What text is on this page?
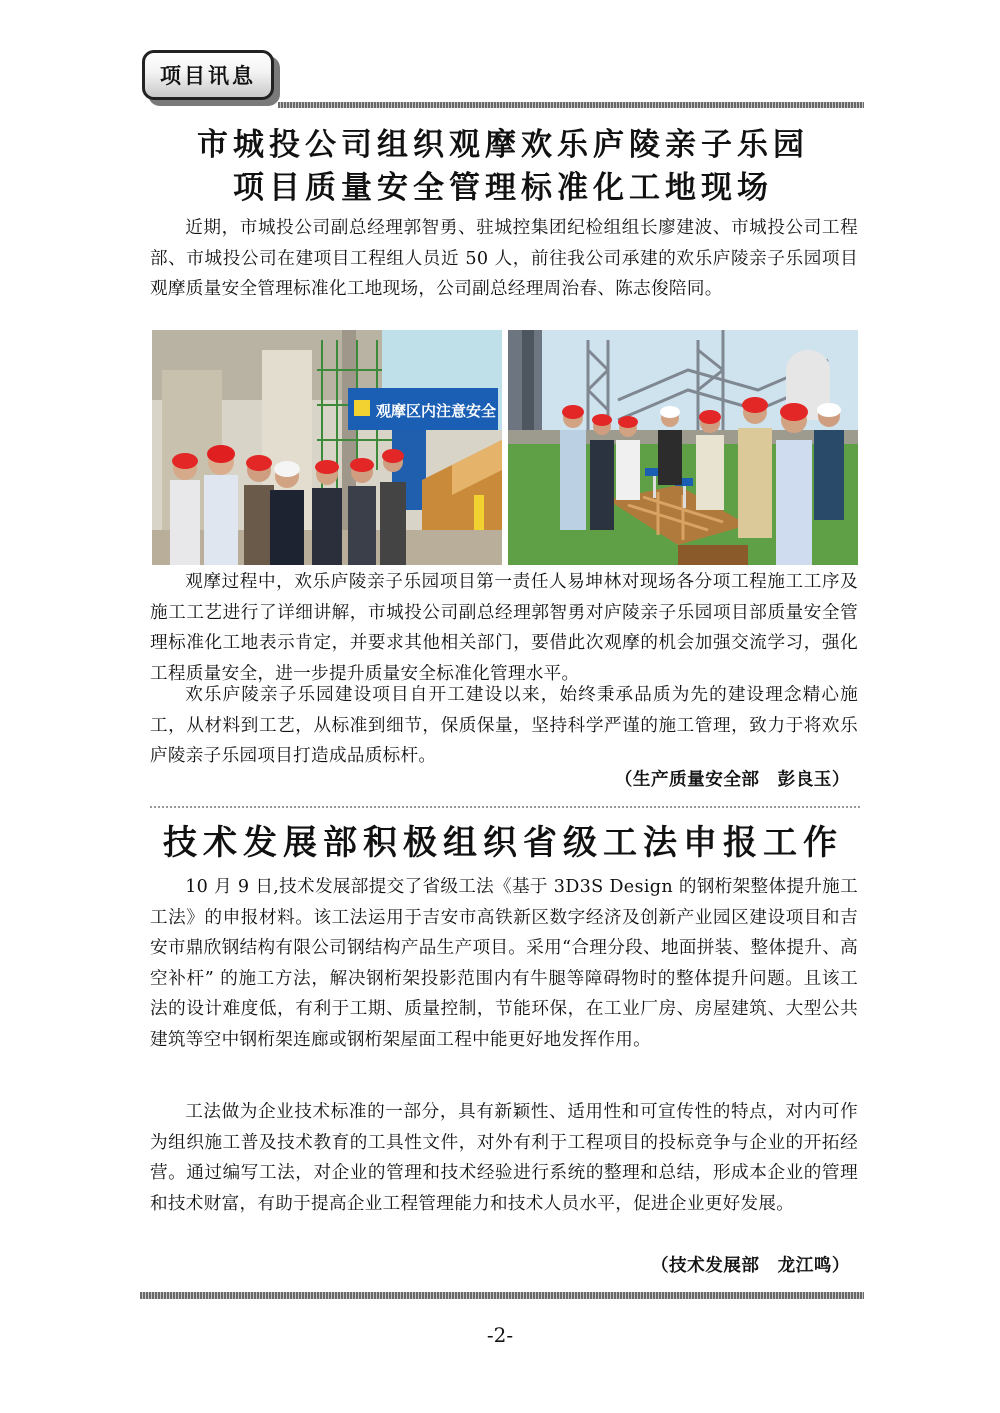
项目讯息
市城投公司组织观摩欢乐庐陵亲子乐园
项目质量安全管理标准化工地现场

近期，市城投公司副总经理郭智勇、驻城控集团纪检组组长廖建波、市城投公司工程部、市城投公司在建项目工程组人员近 50 人，前往我公司承建的欢乐庐陵亲子乐园项目观摩质量安全管理标准化工地现场，公司副总经理周治春、陈志俊陪同。

观摩区内注意安全

观摩过程中，欢乐庐陵亲子乐园项目第一责任人易坤林对现场各分项工程施工工序及施工工艺进行了详细讲解，市城投公司副总经理郭智勇对庐陵亲子乐园项目部质量安全管理标准化工地表示肯定，并要求其他相关部门，要借此次观摩的机会加强交流学习，强化工程质量安全，进一步提升质量安全标准化管理水平。

欢乐庐陵亲子乐园建设项目自开工建设以来，始终秉承品质为先的建设理念精心施工，从材料到工艺，从标准到细节，保质保量，坚持科学严谨的施工管理，致力于将欢乐庐陵亲子乐园项目打造成品质标杆。

（生产质量安全部　彭良玉）
技术发展部积极组织省级工法申报工作

10 月 9 日,技术发展部提交了省级工法《基于 3D3S Design 的钢桁架整体提升施工工法》的申报材料。该工法运用于吉安市高铁新区数字经济及创新产业园区建设项目和吉安市鼎欣钢结构有限公司钢结构产品生产项目。采用“合理分段、地面拼装、整体提升、高空补杆” 的施工方法，解决钢桁架投影范围内有牛腿等障碍物时的整体提升问题。且该工法的设计难度低，有利于工期、质量控制，节能环保，在工业厂房、房屋建筑、大型公共建筑等空中钢桁架连廊或钢桁架屋面工程中能更好地发挥作用。

工法做为企业技术标准的一部分，具有新颖性、适用性和可宣传性的特点，对内可作为组织施工普及技术教育的工具性文件，对外有利于工程项目的投标竞争与企业的开拓经营。通过编写工法，对企业的管理和技术经验进行系统的整理和总结，形成本企业的管理和技术财富，有助于提高企业工程管理能力和技术人员水平，促进企业更好发展。

（技术发展部　龙江鸣）
-2-
